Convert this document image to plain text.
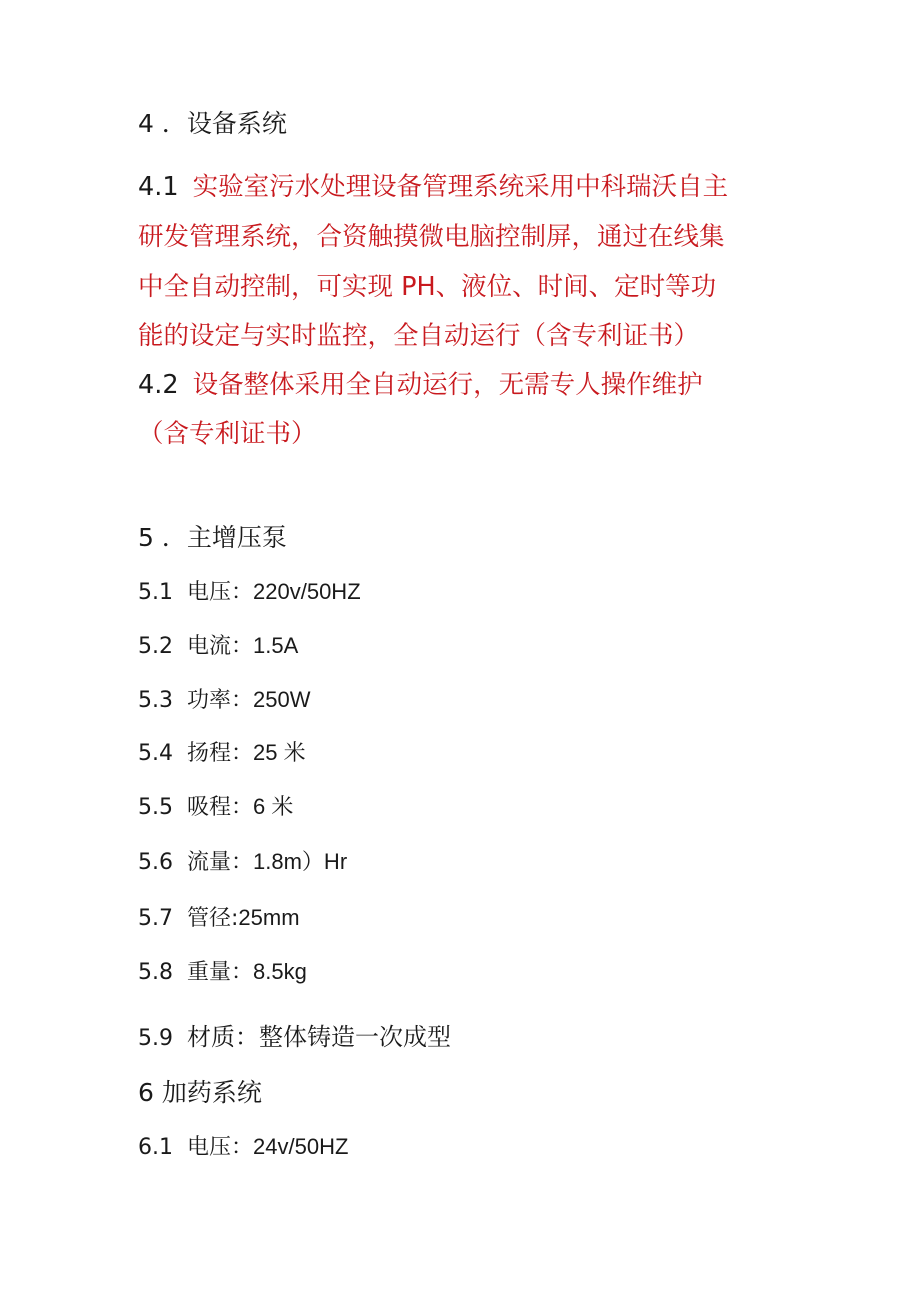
4 ．设备系统
4.1 实验室污水处理设备管理系统采用中科瑞沃自主
研发管理系统，合资触摸微电脑控制屏，通过在线集
中全自动控制，可实现 PH、液位、时间、定时等功
能的设定与实时监控，全自动运行（含专利证书）
4.2 设备整体采用全自动运行，无需专人操作维护
（含专利证书）
5 ．主增压泵
5.1 电压：220v/50HZ
5.2 电流：1.5A
5.3 功率：250W
5.4 扬程：25 米
5.5 吸程：6 米
5.6 流量：1.8m）Hr
5.7 管径:25mm
5.8 重量：8.5kg
5.9 材质：整体铸造一次成型
6 加药系统
6.1 电压：24v/50HZ
